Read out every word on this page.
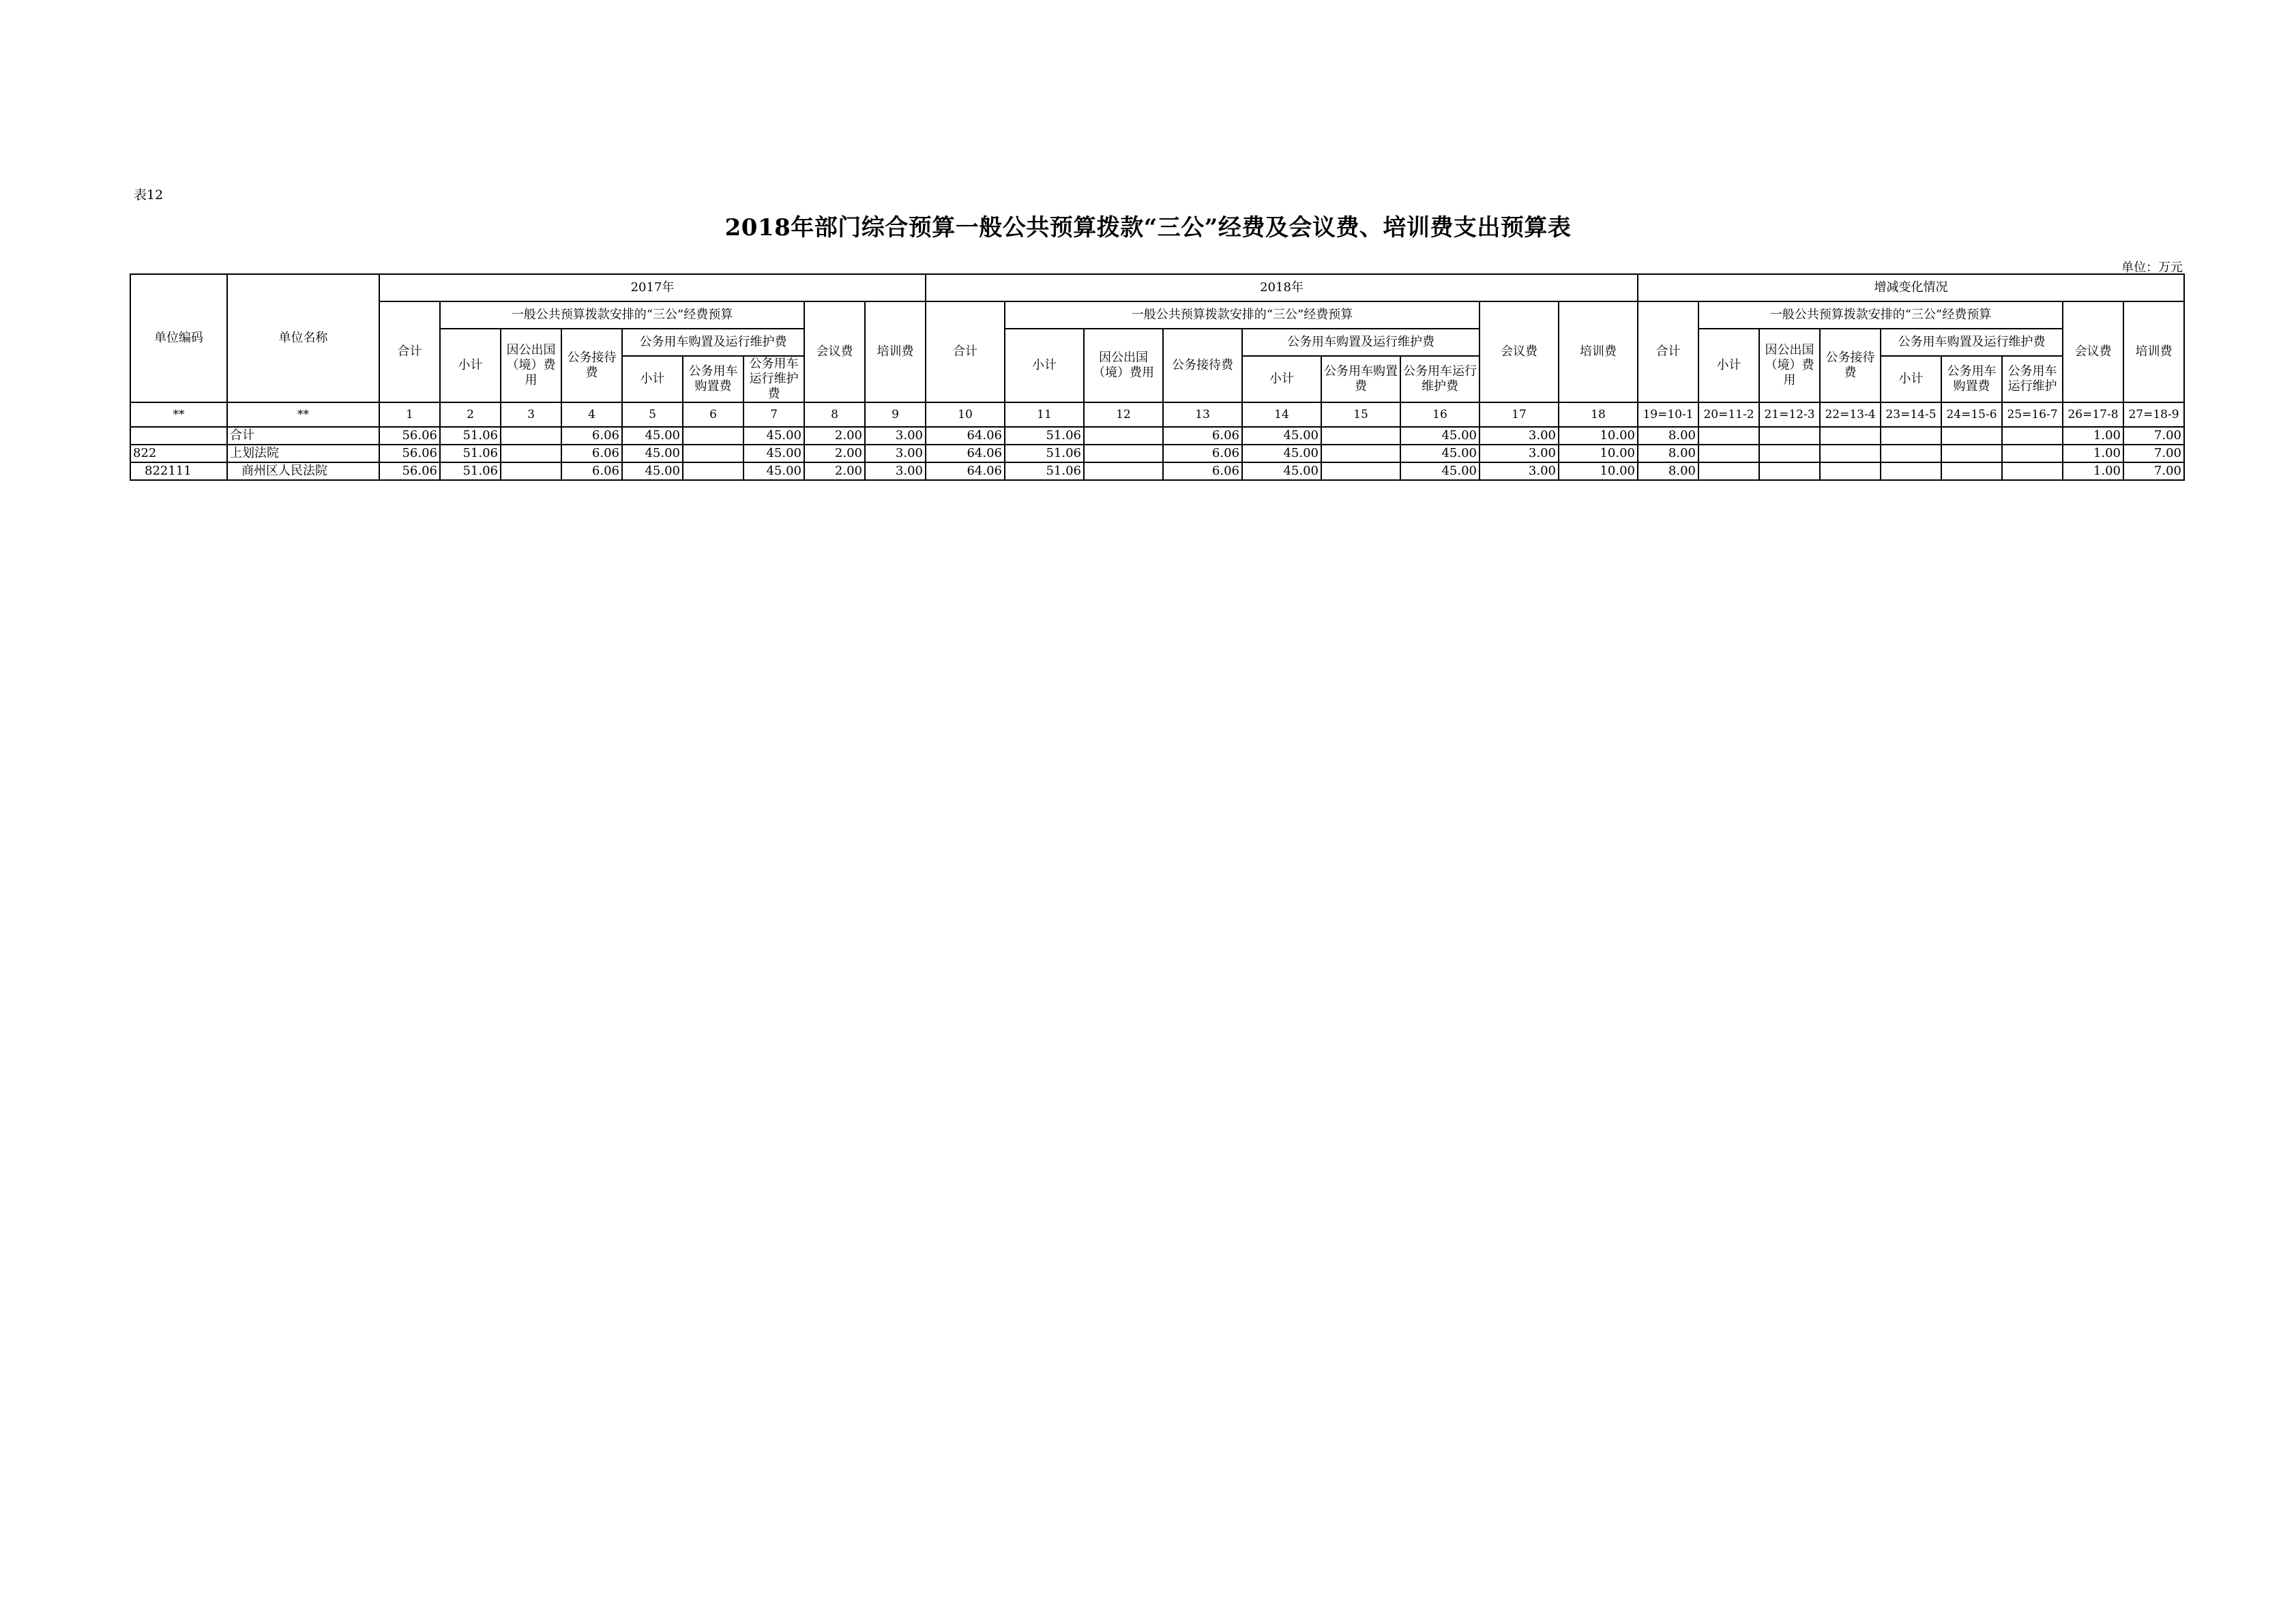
表12
2018年部门综合预算一般公共预算拨款“三公”经费及会议费、培训费支出预算表
单位：万元
单位编码	单位名称	2017年									2018年									增减变化情况								
		合计	一般公共预算拨款安排的“三公”经费预算						会议费	培训费	合计	一般公共预算拨款安排的“三公”经费预算						会议费	培训费	合计	一般公共预算拨款安排的“三公”经费预算						会议费	培训费
			小计	因公出国（境）费用	公务接待费	公务用车购置及运行维护费						小计	因公出国（境）费用	公务接待费	公务用车购置及运行维护费						小计	因公出国（境）费用	公务接待费	公务用车购置及运行维护费				
						小计	公务用车购置费	公务用车运行维护费							小计	公务用车购置费	公务用车运行维护费							小计	公务用车购置费	公务用车运行维护		
**	**	1	2	3	4	5	6	7	8	9	10	11	12	13	14	15	16	17	18	19=10-1	20=11-2	21=12-3	22=13-4	23=14-5	24=15-6	25=16-7	26=17-8	27=18-9
	合计	56.06	51.06		6.06	45.00		45.00	2.00	3.00	64.06	51.06		6.06	45.00		45.00	3.00	10.00	8.00							1.00	7.00
822	上划法院	56.06	51.06		6.06	45.00		45.00	2.00	3.00	64.06	51.06		6.06	45.00		45.00	3.00	10.00	8.00							1.00	7.00
822111	商州区人民法院	56.06	51.06		6.06	45.00		45.00	2.00	3.00	64.06	51.06		6.06	45.00		45.00	3.00	10.00	8.00							1.00	7.00
